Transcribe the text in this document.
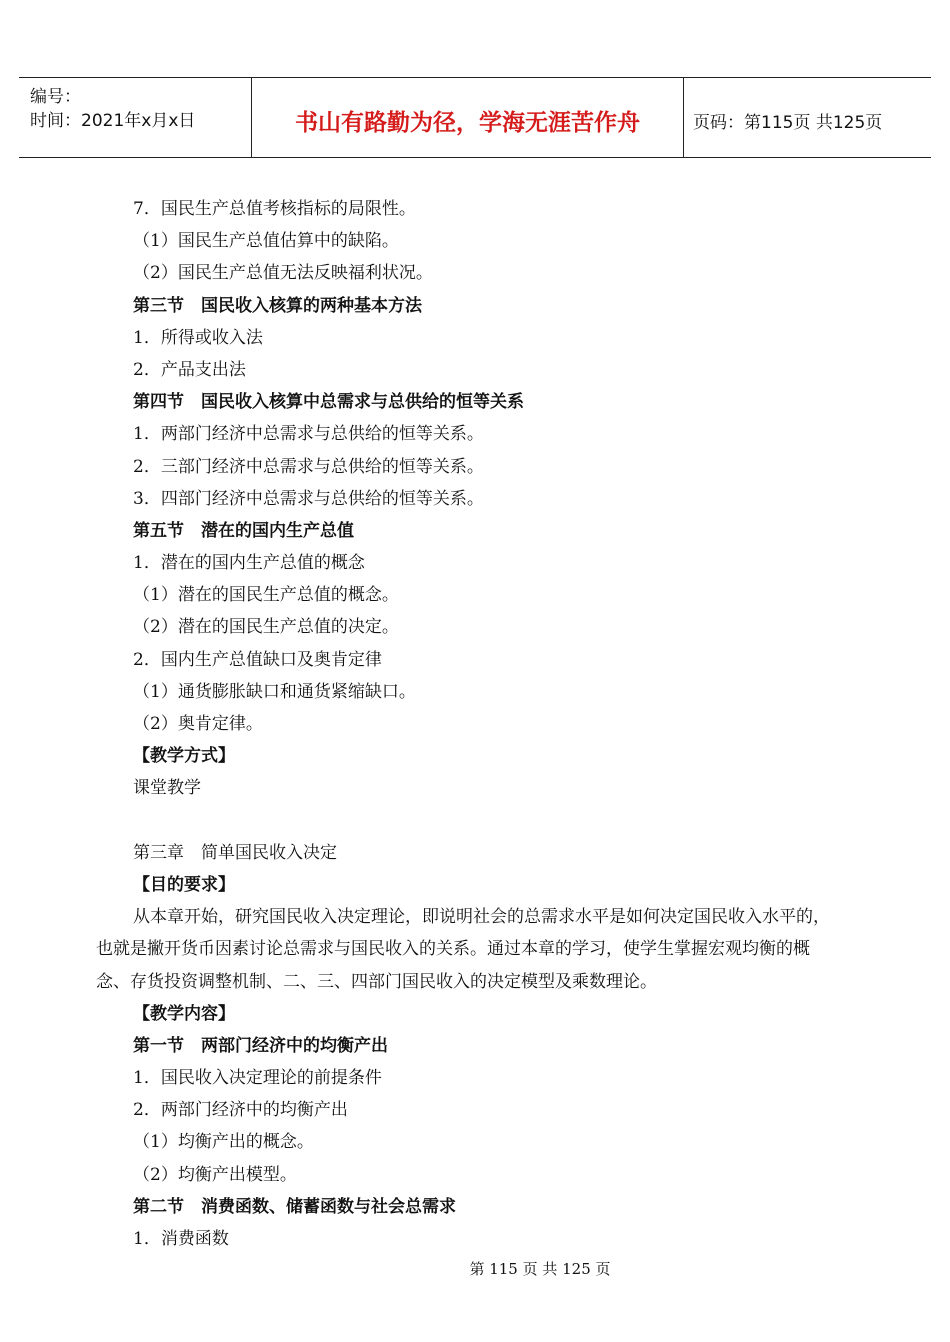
编号：
时间：2021年x月x日	书山有路勤为径，学海无涯苦作舟	页码：第115页 共125页
7．国民生产总值考核指标的局限性。
（1）国民生产总值估算中的缺陷。
（2）国民生产总值无法反映福利状况。
第三节　国民收入核算的两种基本方法
1．所得或收入法
2．产品支出法
第四节　国民收入核算中总需求与总供给的恒等关系
1．两部门经济中总需求与总供给的恒等关系。
2．三部门经济中总需求与总供给的恒等关系。
3．四部门经济中总需求与总供给的恒等关系。
第五节　潜在的国内生产总值
1．潜在的国内生产总值的概念
（1）潜在的国民生产总值的概念。
（2）潜在的国民生产总值的决定。
2．国内生产总值缺口及奥肯定律
（1）通货膨胀缺口和通货紧缩缺口。
（2）奥肯定律。
【教学方式】
课堂教学
第三章　简单国民收入决定
【目的要求】
从本章开始，研究国民收入决定理论，即说明社会的总需求水平是如何决定国民收入水平的，也就是撇开货币因素讨论总需求与国民收入的关系。通过本章的学习，使学生掌握宏观均衡的概念、存货投资调整机制、二、三、四部门国民收入的决定模型及乘数理论。
【教学内容】
第一节　两部门经济中的均衡产出
1．国民收入决定理论的前提条件
2．两部门经济中的均衡产出
（1）均衡产出的概念。
（2）均衡产出模型。
第二节　消费函数、储蓄函数与社会总需求
1．消费函数
第 115 页 共 125 页
